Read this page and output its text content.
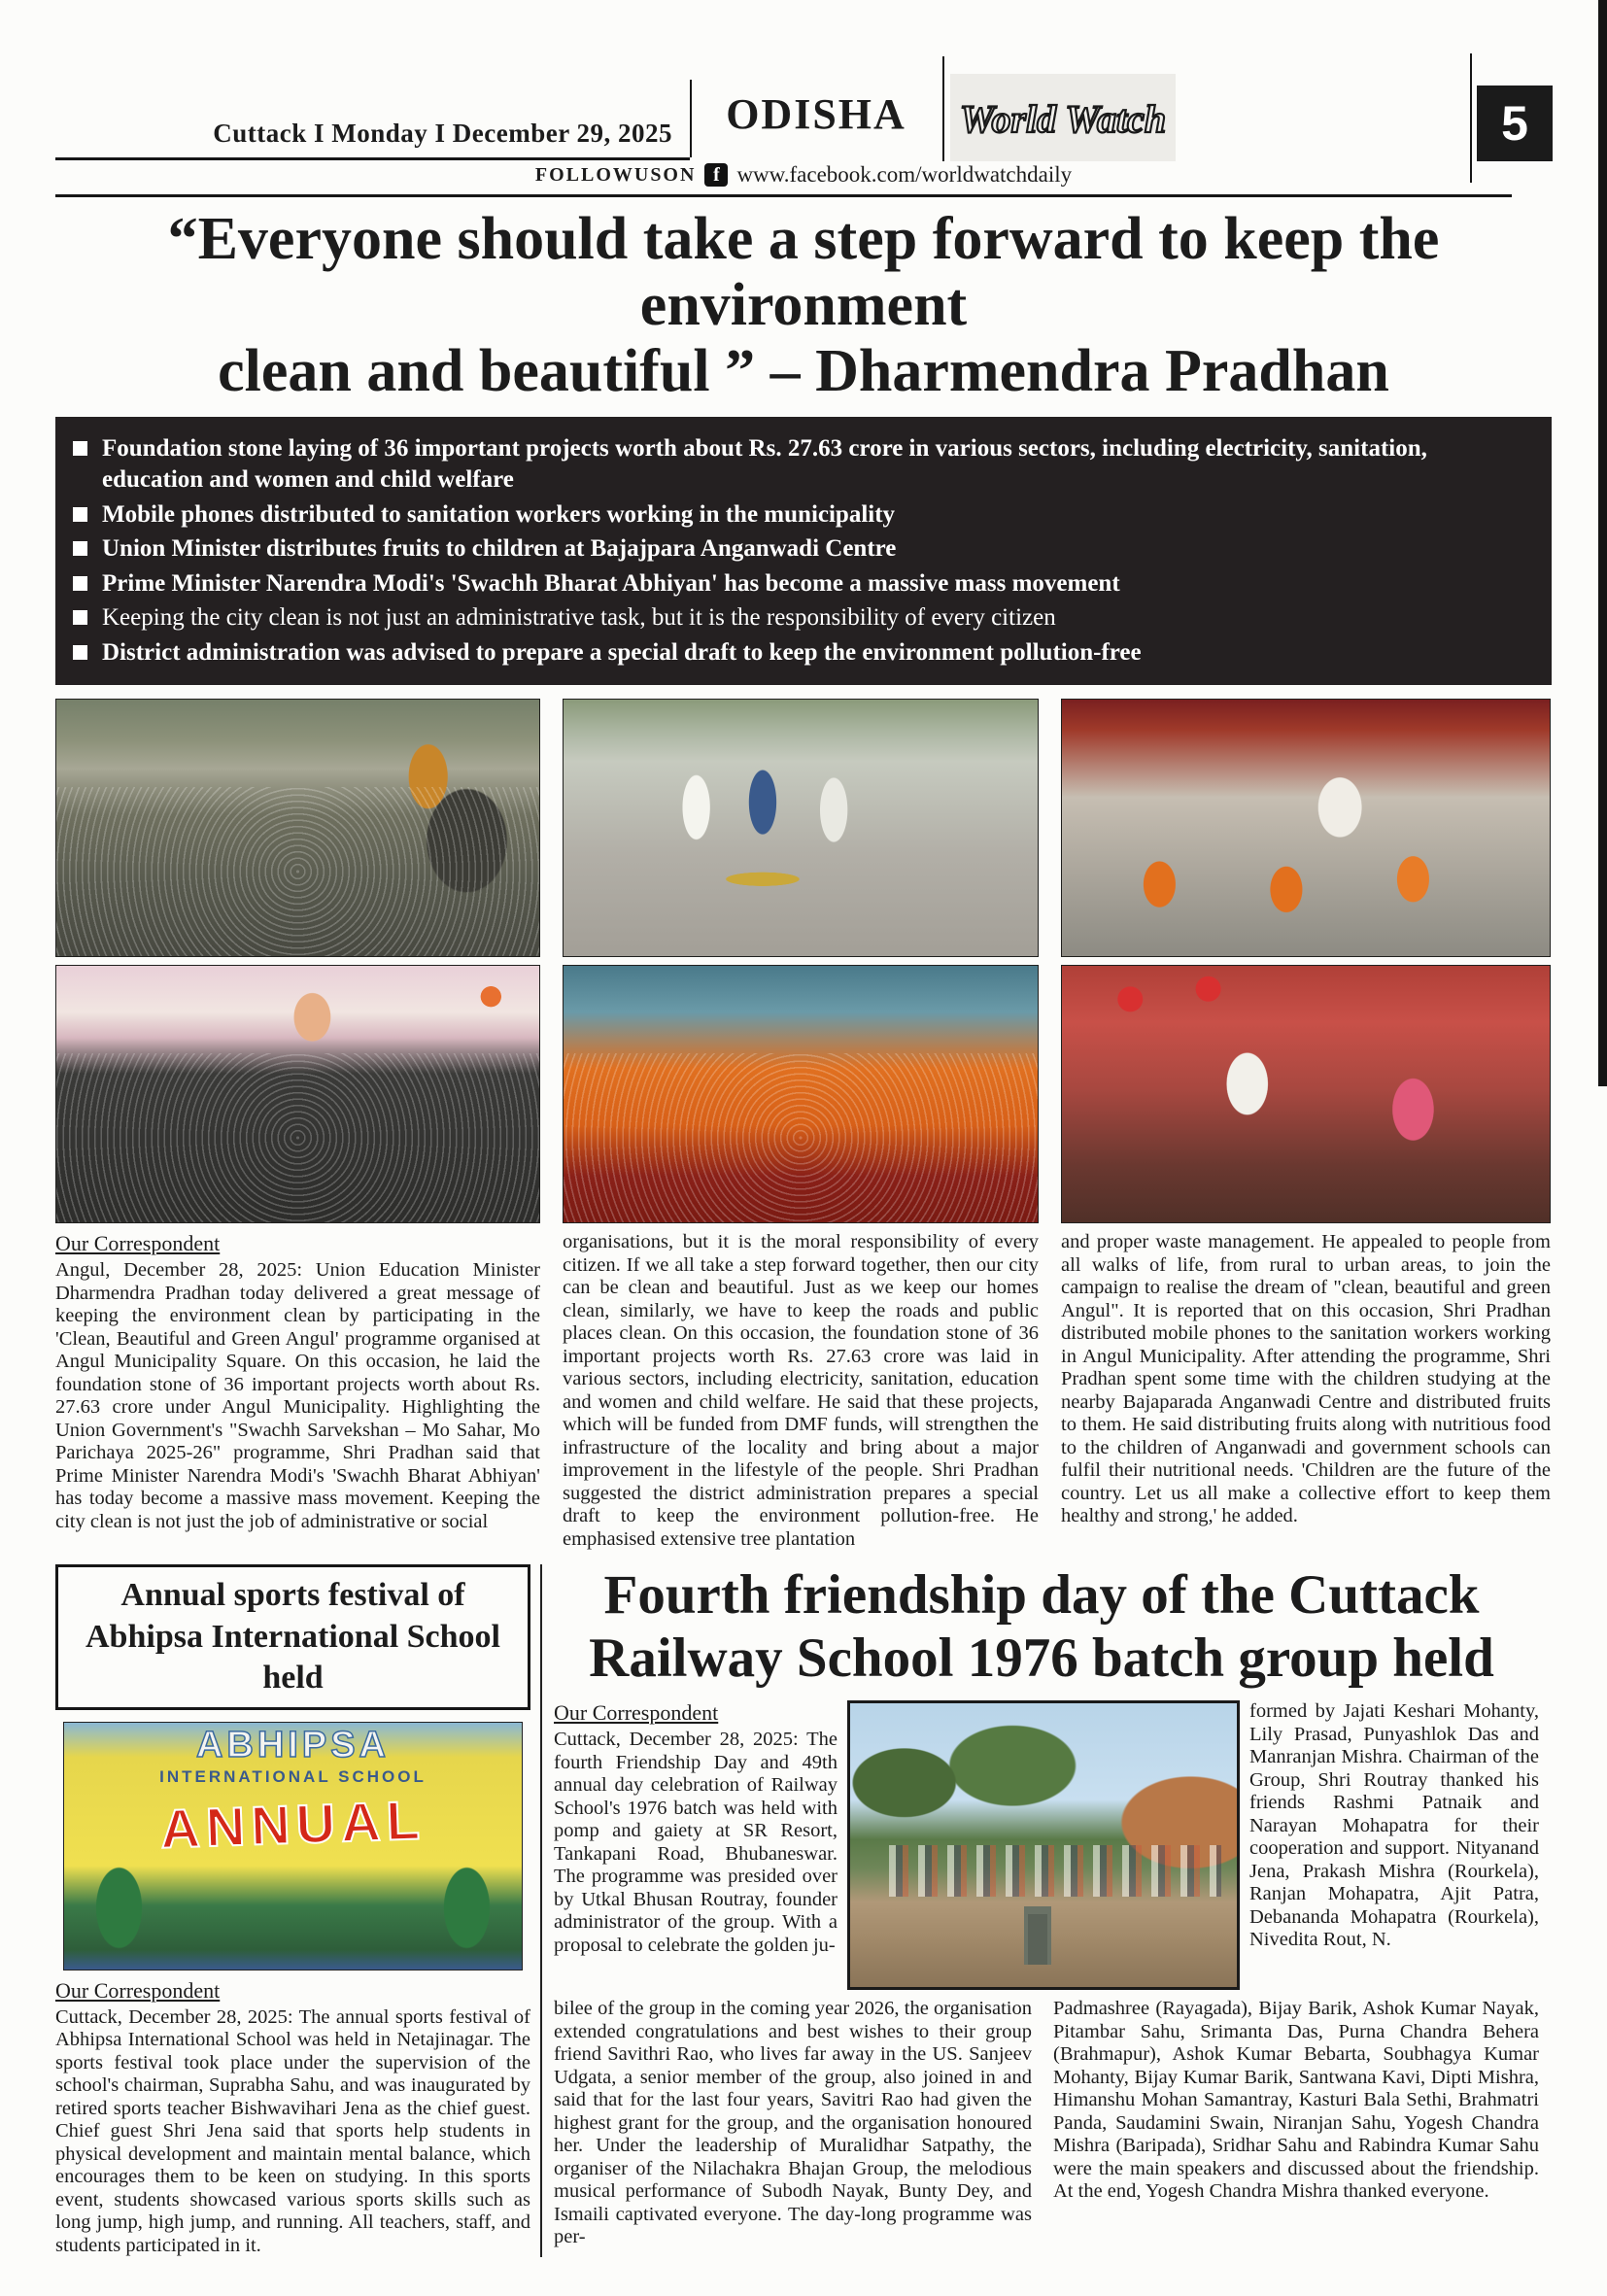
Cuttack I Monday I December 29, 2025	ODISHA	World Watch	5
FOLLOWUSON f www.facebook.com/worldwatchdaily
“Everyone should take a step forward to keep the environment
clean and beautiful ” – Dharmendra Pradhan
Foundation stone laying of 36 important projects worth about Rs. 27.63 crore in various sectors, including electricity, sanitation, education and women and child welfare
Mobile phones distributed to sanitation workers working in the municipality
Union Minister distributes fruits to children at Bajajpara Anganwadi Centre
Prime Minister Narendra Modi's 'Swachh Bharat Abhiyan' has become a massive mass movement
Keeping the city clean is not just an administrative task, but it is the responsibility of every citizen
District administration was advised to prepare a special draft to keep the environment pollution-free
Our Correspondent
Angul, December 28, 2025: Union Education Minister Dharmendra Pradhan today delivered a great message of keeping the environment clean by participating in the 'Clean, Beautiful and Green Angul' programme organised at Angul Municipality Square. On this occasion, he laid the foundation stone of 36 important projects worth about Rs. 27.63 crore under Angul Municipality. Highlighting the Union Government's "Swachh Sarvekshan – Mo Sahar, Mo Parichaya 2025-26" programme, Shri Pradhan said that Prime Minister Narendra Modi's 'Swachh Bharat Abhiyan' has today become a massive mass movement. Keeping the city clean is not just the job of administrative or social
organisations, but it is the moral responsibility of every citizen. If we all take a step forward together, then our city can be clean and beautiful. Just as we keep our homes clean, similarly, we have to keep the roads and public places clean. On this occasion, the foundation stone of 36 important projects worth Rs. 27.63 crore was laid in various sectors, including electricity, sanitation, education and women and child welfare. He said that these projects, which will be funded from DMF funds, will strengthen the infrastructure of the locality and bring about a major improvement in the lifestyle of the people. Shri Pradhan suggested the district administration prepares a special draft to keep the environment pollution-free. He emphasised extensive tree plantation
and proper waste management. He appealed to people from all walks of life, from rural to urban areas, to join the campaign to realise the dream of "clean, beautiful and green Angul". It is reported that on this occasion, Shri Pradhan distributed mobile phones to the sanitation workers working in Angul Municipality. After attending the programme, Shri Pradhan spent some time with the children studying at the nearby Bajaparada Anganwadi Centre and distributed fruits to them. He said distributing fruits along with nutritious food to the children of Anganwadi and government schools can fulfil their nutritional needs. 'Children are the future of the country. Let us all make a collective effort to keep them healthy and strong,' he added.
Annual sports festival of Abhipsa International School held
ABHIPSA
INTERNATIONAL SCHOOL
ANNUAL
Our Correspondent
Cuttack, December 28, 2025: The annual sports festival of Abhipsa International School was held in Netajinagar. The sports festival took place under the supervision of the school's chairman, Suprabha Sahu, and was inaugurated by retired sports teacher Bishwavihari Jena as the chief guest. Chief guest Shri Jena said that sports help students in physical development and maintain mental balance, which encourages them to be keen on studying. In this sports event, students showcased various sports skills such as long jump, high jump, and running. All teachers, staff, and students participated in it.
Fourth friendship day of the Cuttack
Railway School 1976 batch group held
Our Correspondent
Cuttack, December 28, 2025: The fourth Friendship Day and 49th annual day celebration of Railway School's 1976 batch was held with pomp and gaiety at SR Resort, Tankapani Road, Bhubaneswar. The programme was presided over by Utkal Bhusan Routray, founder administrator of the group. With a proposal to celebrate the golden ju-
formed by Jajati Keshari Mohanty, Lily Prasad, Punyashlok Das and Manranjan Mishra. Chairman of the Group, Shri Routray thanked his friends Rashmi Patnaik and Narayan Mohapatra for their cooperation and support. Nityanand Jena, Prakash Mishra (Rourkela), Ranjan Mohapatra, Ajit Patra, Debananda Mohapatra (Rourkela), Nivedita Rout, N.
bilee of the group in the coming year 2026, the organisation extended congratulations and best wishes to their group friend Savithri Rao, who lives far away in the US. Sanjeev Udgata, a senior member of the group, also joined in and said that for the last four years, Savitri Rao had given the highest grant for the group, and the organisation honoured her. Under the leadership of Muralidhar Satpathy, the organiser of the Nilachakra Bhajan Group, the melodious musical performance of Subodh Nayak, Bunty Dey, and Ismaili captivated everyone. The day-long programme was per-
Padmashree (Rayagada), Bijay Barik, Ashok Kumar Nayak, Pitambar Sahu, Srimanta Das, Purna Chandra Behera (Brahmapur), Ashok Kumar Bebarta, Soubhagya Kumar Mohanty, Bijay Kumar Barik, Santwana Kavi, Dipti Mishra, Himanshu Mohan Samantray, Kasturi Bala Sethi, Brahmatri Panda, Saudamini Swain, Niranjan Sahu, Yogesh Chandra Mishra (Baripada), Sridhar Sahu and Rabindra Kumar Sahu were the main speakers and discussed about the friendship. At the end, Yogesh Chandra Mishra thanked everyone.
